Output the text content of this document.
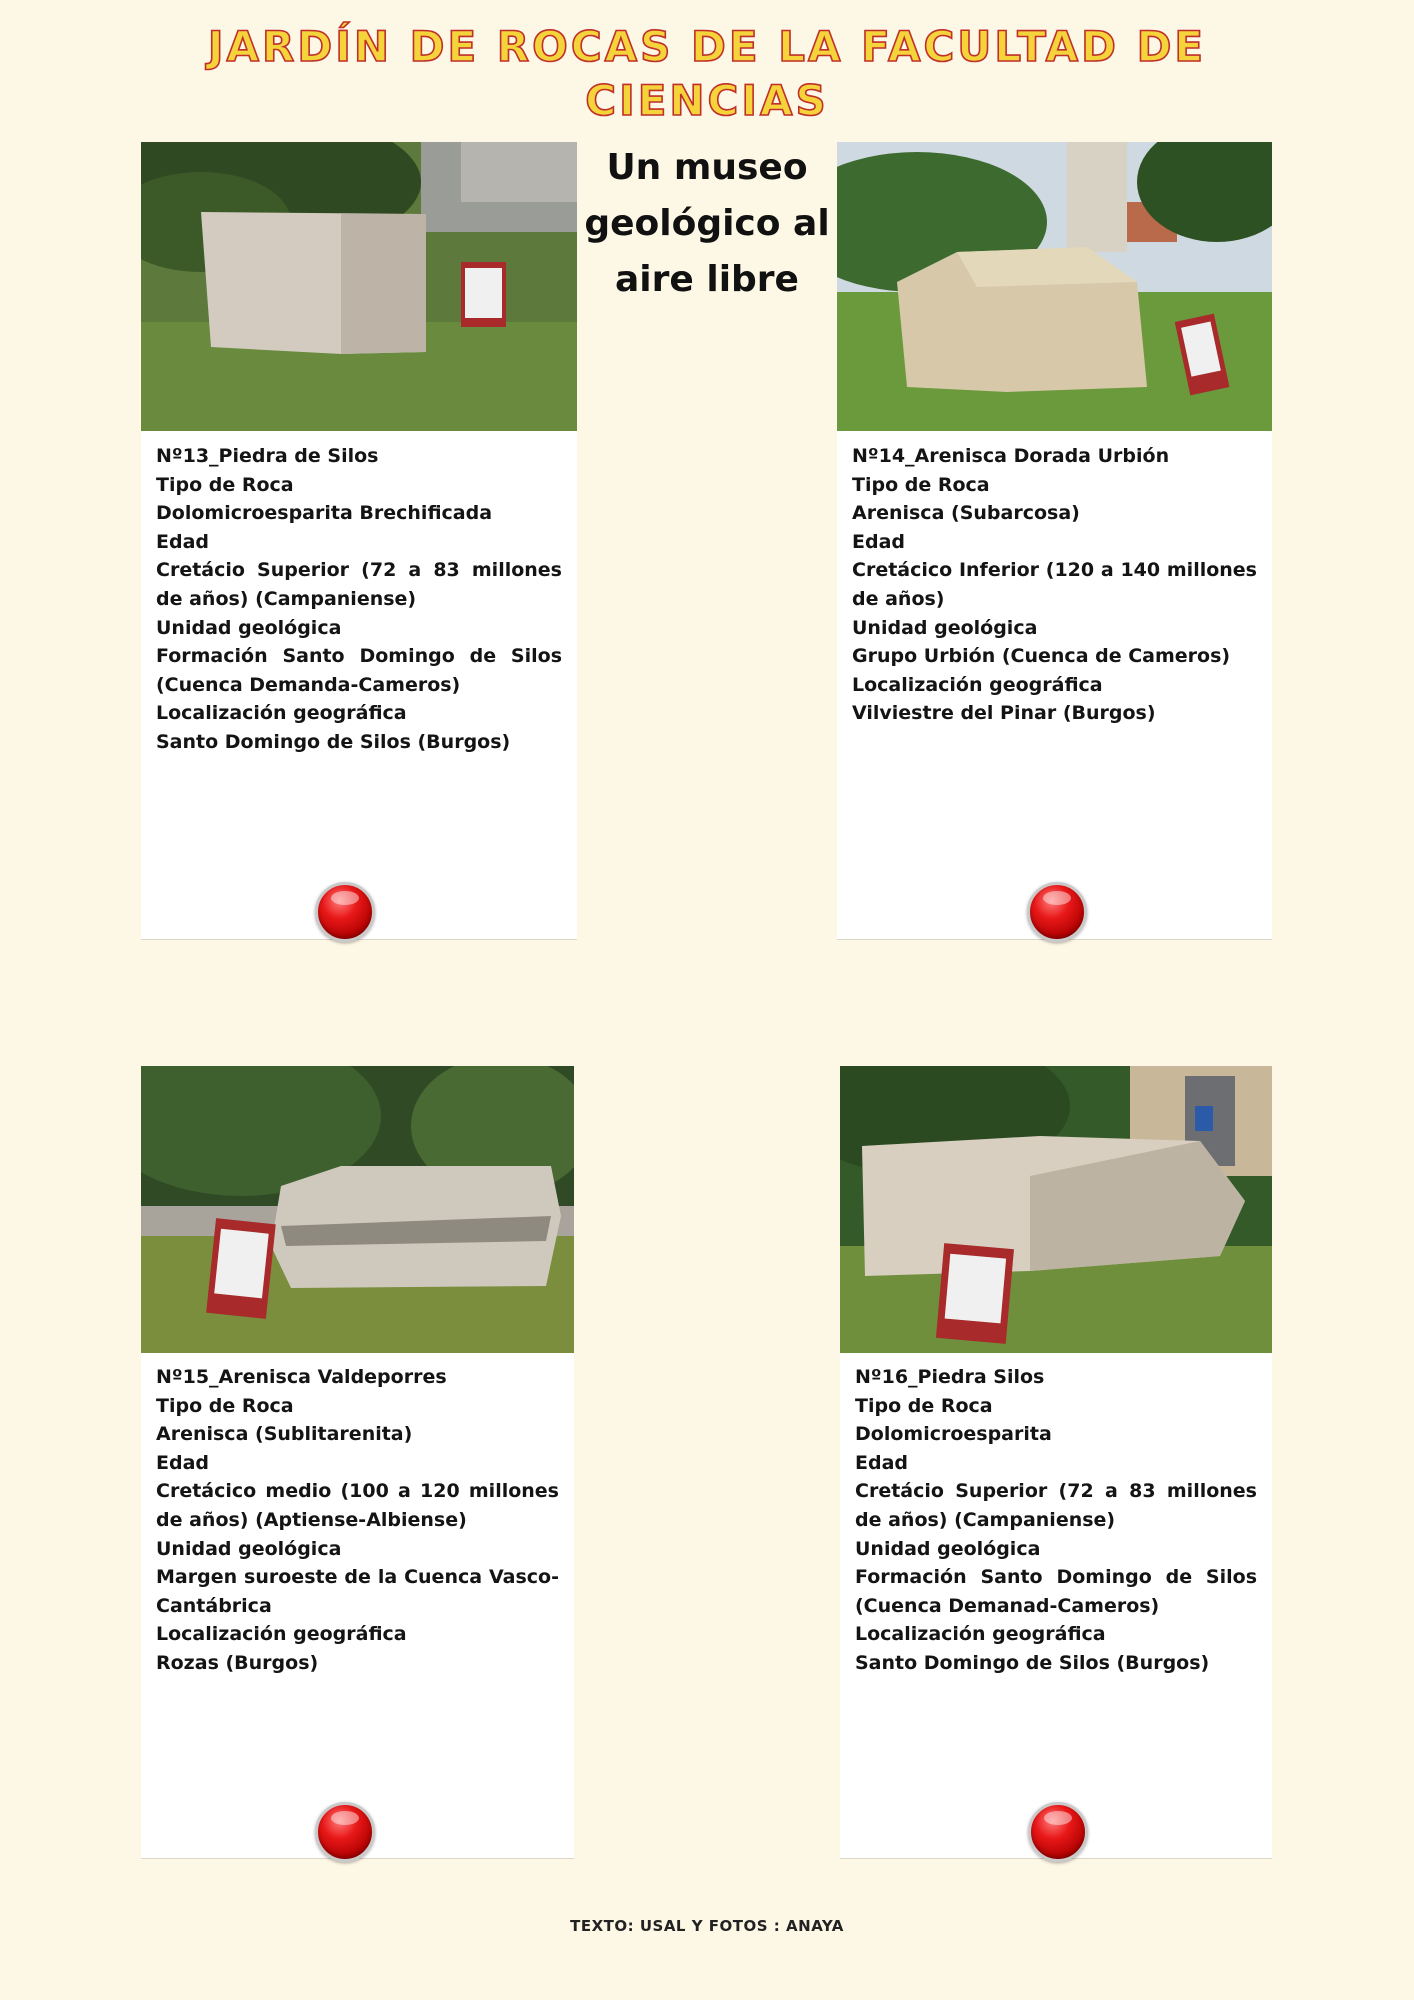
JARDÍN DE ROCAS DE LA FACULTAD DE CIENCIAS
Un museo geológico al aire libre
Nº13_Piedra de Silos
Tipo de Roca
Dolomicroesparita Brechificada
Edad
Cretácio Superior (72 a 83 millones de años) (Campaniense)
Unidad geológica
Formación Santo Domingo de Silos (Cuenca Demanda-Cameros)
Localización geográfica
Santo Domingo de Silos (Burgos)
Nº14_Arenisca Dorada Urbión
Tipo de Roca
Arenisca (Subarcosa)
Edad
Cretácico Inferior (120 a 140 millones de años)
Unidad geológica
Grupo Urbión (Cuenca de Cameros)
Localización geográfica
Vilviestre del Pinar (Burgos)
Nº15_Arenisca Valdeporres
Tipo de Roca
Arenisca (Sublitarenita)
Edad
Cretácico medio (100 a 120 millones de años) (Aptiense-Albiense)
Unidad geológica
Margen suroeste de la Cuenca Vasco-Cantábrica
Localización geográfica
Rozas (Burgos)
Nº16_Piedra Silos
Tipo de Roca
Dolomicroesparita
Edad
Cretácio Superior (72 a 83 millones de años) (Campaniense)
Unidad geológica
Formación Santo Domingo de Silos (Cuenca Demanad-Cameros)
Localización geográfica
Santo Domingo de Silos (Burgos)
TEXTO: USAL Y FOTOS : ANAYA
